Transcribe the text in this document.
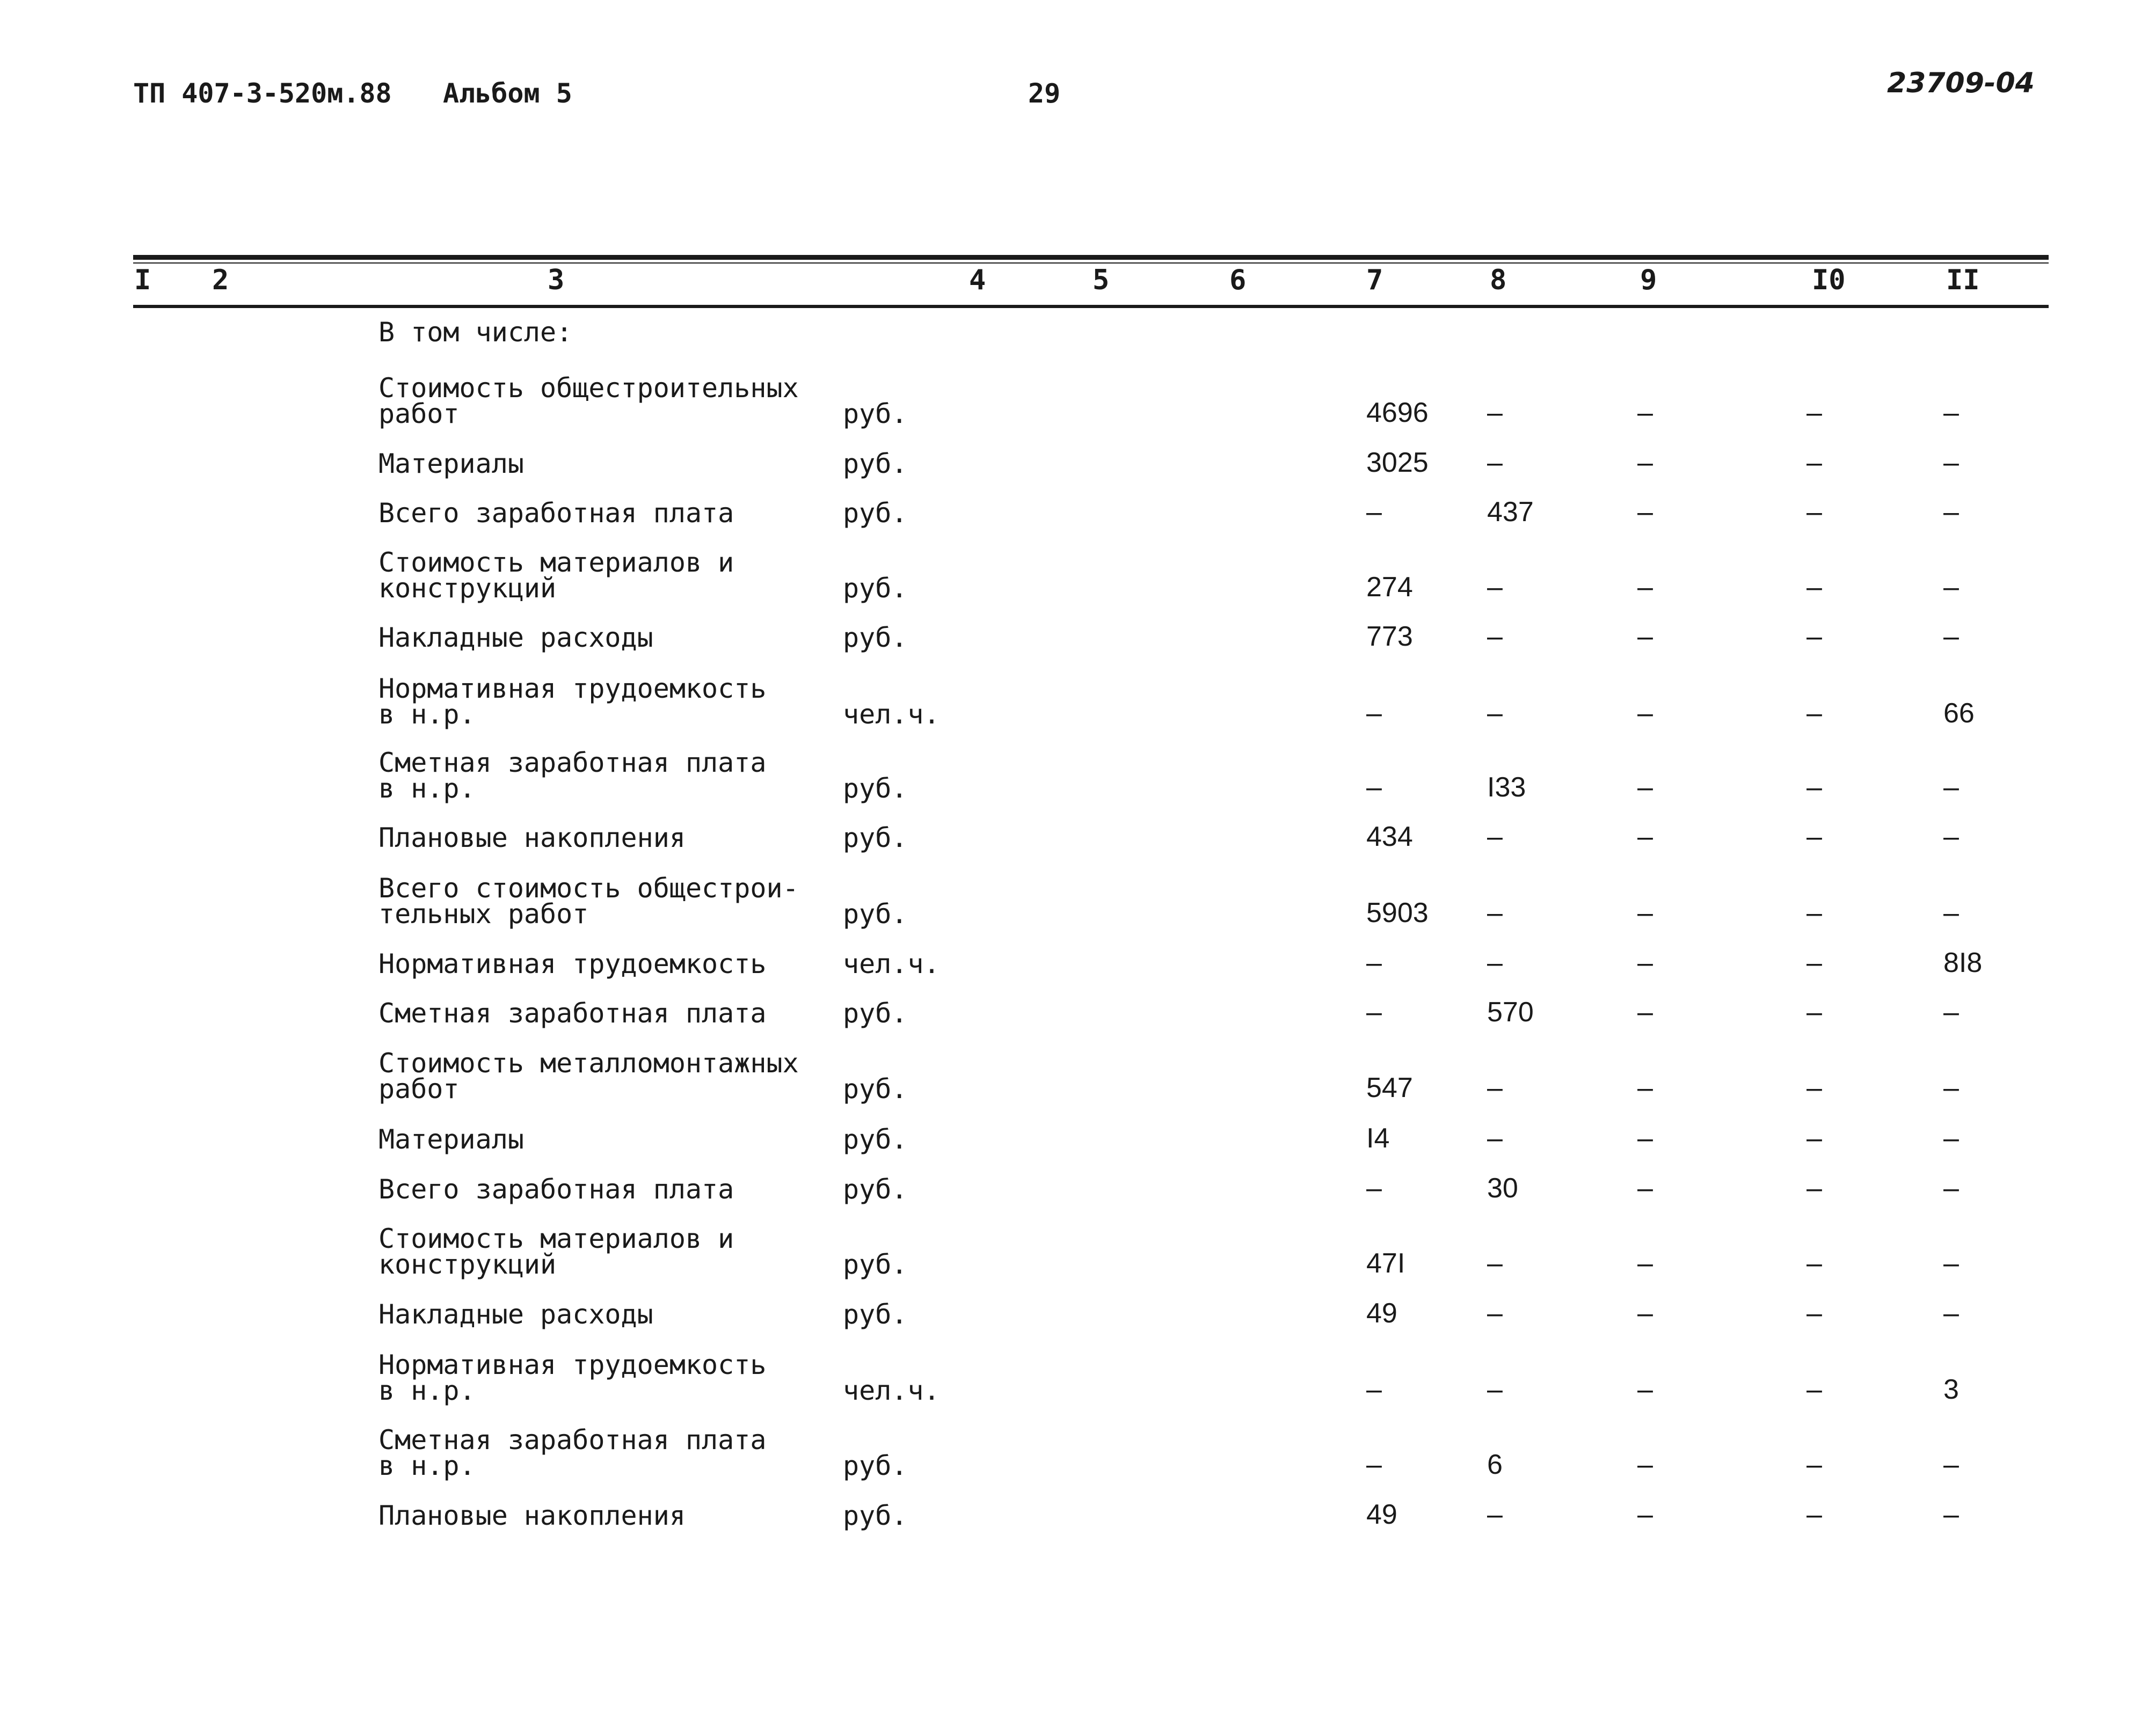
ТП 407-3-520м.88 Альбом 5	29	23709-04
I 2	3	4	5	6	7	8	9	I0	II
В том числе:
Стоимость общестроительных
работ	руб.	4696 –	–	–	–
Материалы	руб.	3025 –	–	–	–
Всего заработная плата	руб.	–	437	–	–	–
Стоимость материалов и
конструкций	руб.	274	–	–	–	–
Накладные расходы	руб.	773	–	–	–	–
Нормативная трудоемкость
в н.р.	чел.ч.	–	–	–	–	66
Сметная заработная плата
в н.р.	руб.	–	I33	–	–	–
Плановые накопления	руб.	434	–	–	–	–
Всего стоимость общестрои-
тельных работ	руб.	5903 –	–	–	–
Нормативная трудоемкость	чел.ч.	–	–	–	–	8I8
Сметная заработная плата	руб.	–	570	–	–	–
Стоимость металломонтажных
работ	руб.	547	–	–	–	–
Материалы	руб.	I4	–	–	–	–
Всего заработная плата	руб.	–	30	–	–	–
Стоимость материалов и
конструкций	руб.	47I	–	–	–	–
Накладные расходы	руб.	49	–	–	–	–
Нормативная трудоемкость
в н.р.	чел.ч.	–	–	–	–	3
Сметная заработная плата
в н.р.	руб.	–	6	–	–	–
Плановые накопления	руб.	49	–	–	–	–
